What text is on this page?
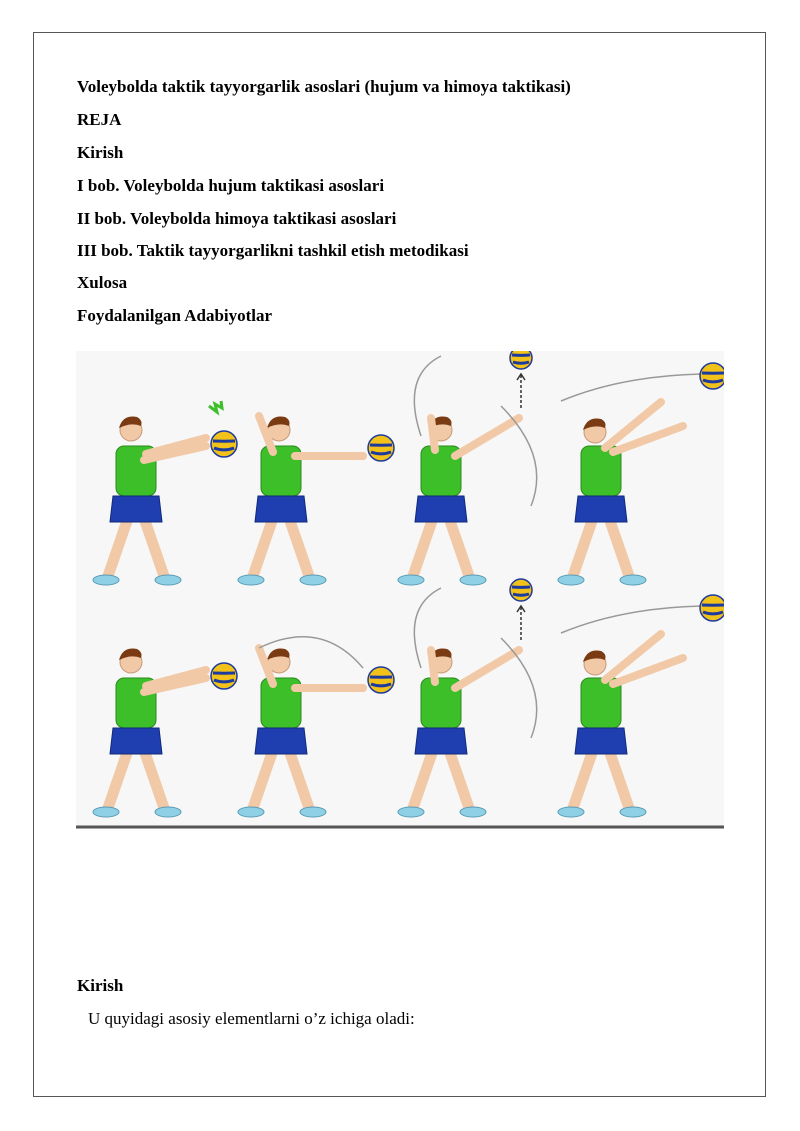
Voleybolda taktik tayyorgarlik asoslari (hujum va himoya taktikasi)
REJA
Kirish
I bob. Voleybolda hujum taktikasi asoslari
II bob. Voleybolda himoya taktikasi asoslari
III bob. Taktik tayyorgarlikni tashkil etish metodikasi
Xulosa
Foydalanilgan Adabiyotlar
Kirish
U quyidagi asosiy elementlarni o’z ichiga oladi:
